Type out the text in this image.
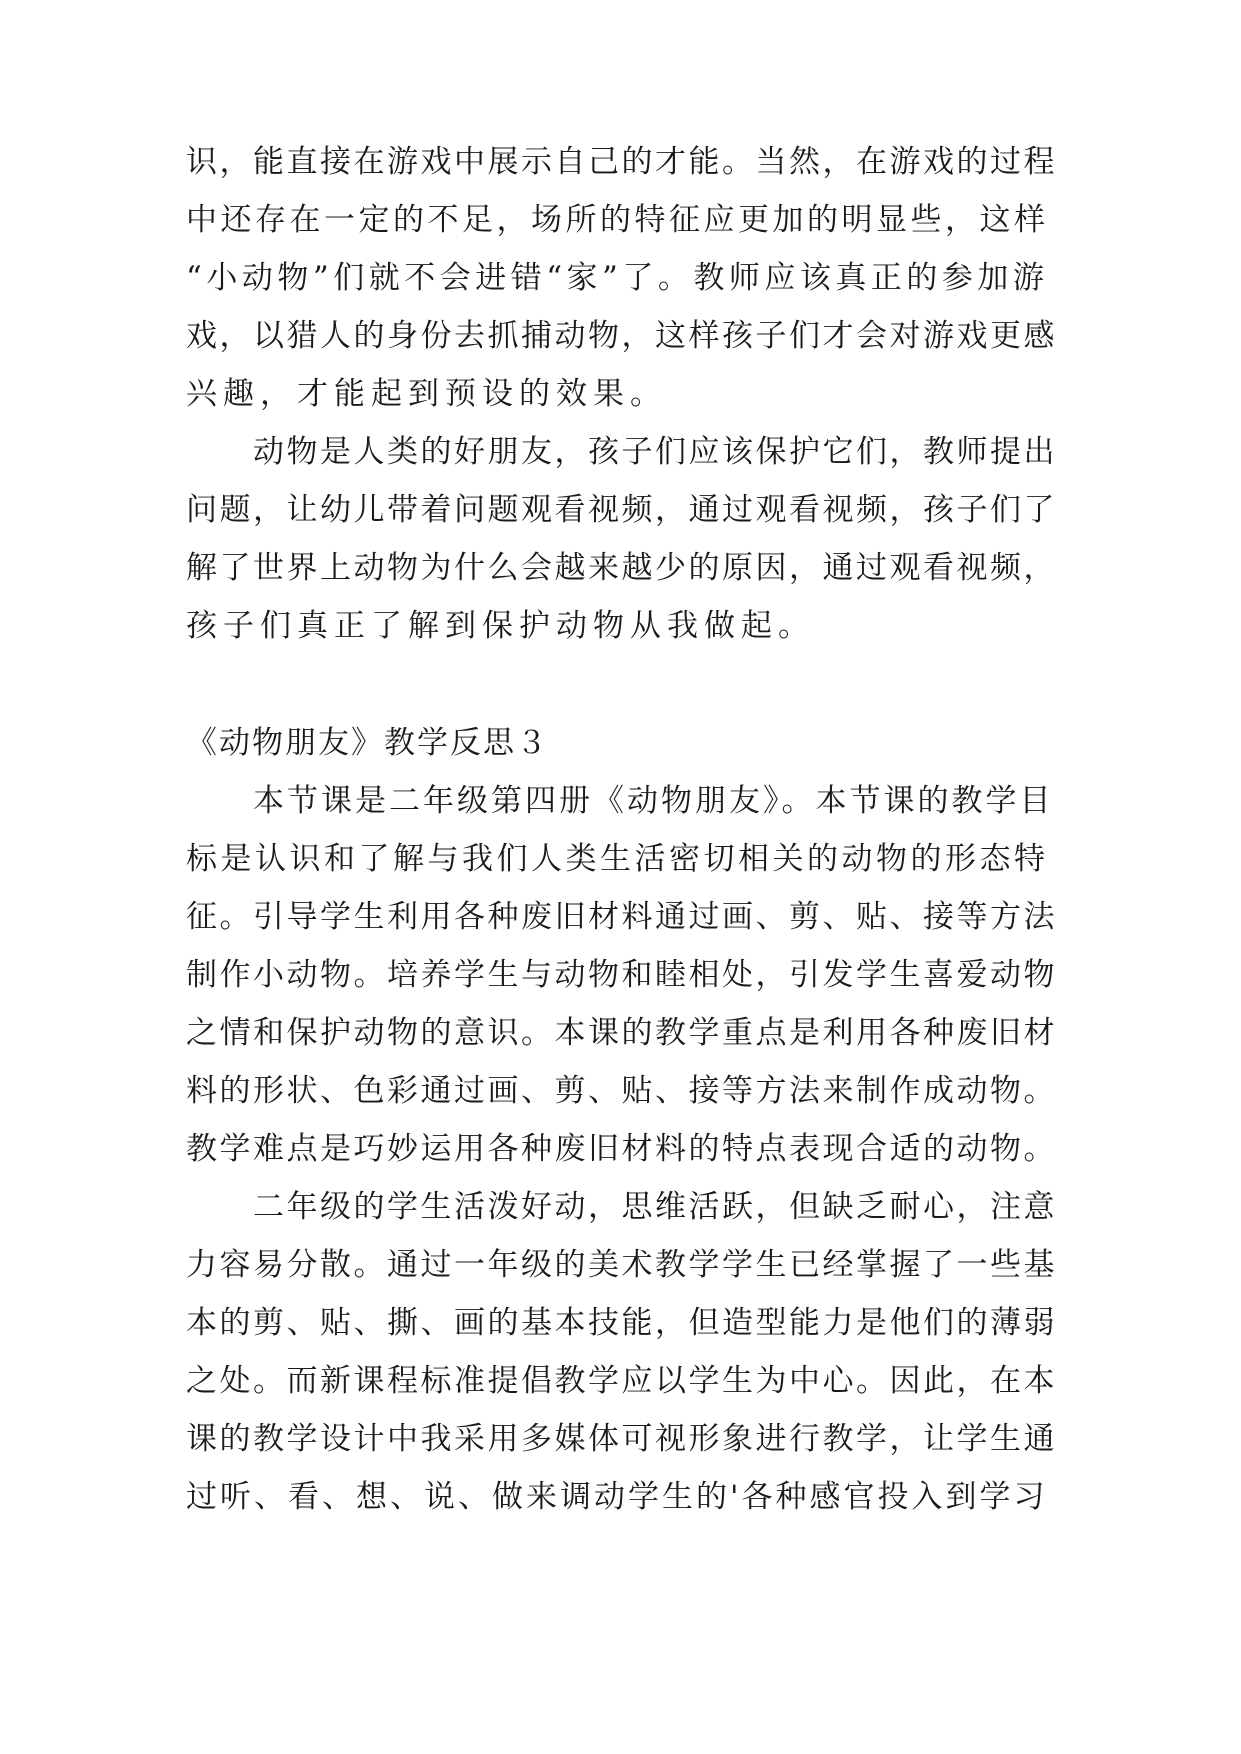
识，能直接在游戏中展示自己的才能。当然，在游戏的过程
中还存在一定的不足，场所的特征应更加的明显些，这样
“小动物”们就不会进错“家”了。教师应该真正的参加游
戏，以猎人的身份去抓捕动物，这样孩子们才会对游戏更感
兴趣，才能起到预设的效果。
动物是人类的好朋友，孩子们应该保护它们，教师提出
问题，让幼儿带着问题观看视频，通过观看视频，孩子们了
解了世界上动物为什么会越来越少的原因，通过观看视频，
孩子们真正了解到保护动物从我做起。
《动物朋友》教学反思３
本节课是二年级第四册《动物朋友》。本节课的教学目
标是认识和了解与我们人类生活密切相关的动物的形态特
征。引导学生利用各种废旧材料通过画、剪、贴、接等方法
制作小动物。培养学生与动物和睦相处，引发学生喜爱动物
之情和保护动物的意识。本课的教学重点是利用各种废旧材
料的形状、色彩通过画、剪、贴、接等方法来制作成动物。
教学难点是巧妙运用各种废旧材料的特点表现合适的动物。
二年级的学生活泼好动，思维活跃，但缺乏耐心，注意
力容易分散。通过一年级的美术教学学生已经掌握了一些基
本的剪、贴、撕、画的基本技能，但造型能力是他们的薄弱
之处。而新课程标准提倡教学应以学生为中心。因此，在本
课的教学设计中我采用多媒体可视形象进行教学，让学生通
过听、看、想、说、做来调动学生的'各种感官投入到学习
